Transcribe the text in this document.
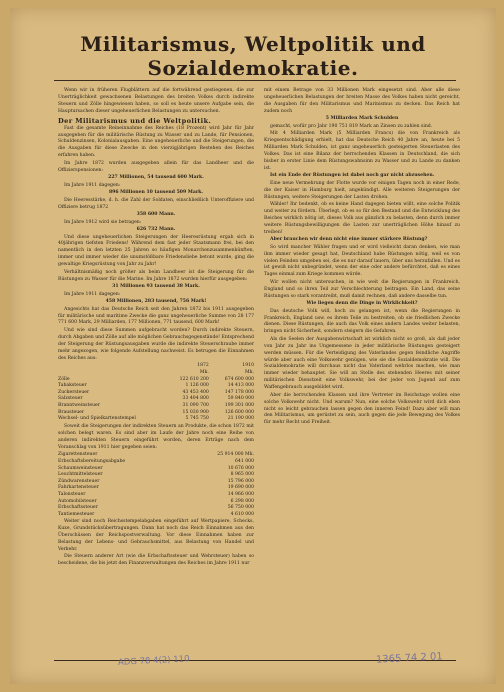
Militarismus, Weltpolitik und Sozialdemokratie.

Wenn wir in früheren Flugblättern auf die fortwährend gestiegenen, die zur Unerträglichkeit gewachsenen Belastungen des breiten Volkes durch indirekte Steuern und Zölle hingewiesen haben, so soll es heute unsere Aufgabe sein, die Hauptursachen dieser ungeheuerlichen Belastungen zu untersuchen.

Der Militarismus und die Weltpolitik.

Fast die gesamte Reineinnahme des Reiches (18 Prozent) wird Jahr für Jahr ausgegeben für die militärische Rüstung zu Wasser und zu Lande, für Pensionen, Schuldenzinsen, Kolonialausgaben. Eine ungeheuerliche und die Steigerungen, die die Ausgaben für diese Zwecke in den vierzigjährigen Bestehen des Reiches erfahren haben.

Im Jahre 1872 wurden ausgegeben allein für das Landheer und die Offizierspensionen:

227 Millionen, 54 tausend 600 Mark.

Im Jahre 1911 dagegen:

896 Millionen 10 tausend 509 Mark.

Die Heeresstärke, d. h. die Zahl der Soldaten, einschließlich Unteroffiziere und Offiziere betrug 1872

358 600 Mann.

Im Jahre 1912 wird sie betragen:

626 732 Mann.

Und diese ungeheuerlichen Steigerungen der Heeresrüstung ergab sich in 40jährigen tiefsten Friedens! Während dem fast jeder Staatsmann frei, bei den namentlich in den letzten 25 Jahren so häufigen Monarchenzusammenkünften, immer und immer wieder die unumstößbare Friedensliebe betont wurde, ging die gewaltige Kriegsrüstung von Jahr zu Jahr!

Verhältnismäßig noch größer als beim Landheer ist die Steigerung für die Rüstungen zu Wasser für die Marine. Im Jahre 1872 wurden hierfür ausgegeben:

31 Millionen 93 tausend 38 Mark.

Im Jahre 1911 dagegen:

458 Millionen, 283 tausend, 756 Mark!

Angesichts hat das Deutsche Reich seit den Jahren 1872 bis 1911 ausgegeben für militärische und maritime Zwecke die ganz ungeheuerliche Summe von 28 177 771 600 Mark, 29 Milliarden, 177 Millionen, 771 tausend, 600 Mark!

Und wie sind diese Summen aufgebracht worden? Durch indirekte Steuern, durch Abgaben und Zölle auf alle möglichen Gebrauchsgegenstände! Entsprechend der Steigerung der Rüstungsausgaben wurde die indirekte Steuerschraube immer mehr angezogen, wie folgende Aufstellung nachweist. Es betrugen die Einnahmen des Reiches aus:

	1872	1910
	Mk.	Mk.
Zölle	122 610 200	674 600 000
Tabaksteuer	1 126 000	14 413 000
Zuckersteuer	43 453 400	147 178 000
Salzsteuer	33 404 800	59 840 000
Branntweinsteuer	31 090 700	199 301 000
Brausteuer	15 030 900	126 600 000
Wechsel- und Spielkartenstempel	5 745 750	21 190 000

Soweit die Steigerungen der indirekten Steuern an Produkte, die schon 1872 mit solchen belegt waren. Es sind aber im Laufe der Jahre noch eine Reihe von anderen indirekten Steuern eingeführt worden, deren Erträge nach dem Voranschlag von 1911 hier gegeben seien:

Zigarettensteuer	25 914 000 Mk.
Erbschaftsbereitungsabgabe	641 000
Schaumweinsteuer	10 676 000
Leuchtmittelsteuer	8 965 000
Zündwarensteuer	15 796 000
Fahrkartensteuer	19 690 000
Talonsteuer	14 966 000
Automobilsteuer	6 298 000
Erbschaftssteuer	56 750 000
Tantiemesteuer	4 610 000

Weiter sind noch Reichsstempelabgaben eingeführt auf Wertpapiere, Schecks, Kuxe, Grundstücksübertragungen. Dann hat noch das Reich Einnahmen aus den Überschüssen der Reichspostverwaltung. Vor diese Einnahmen haben zur Belastung der Lebens- und Gebrauchsmittel, aus Belastung von Handel und Verkehr.

Die Steuern anderer Art (wie die Erbschaftssteuer und Wehrsteuer) haben so bescheidene, die bis jetzt den Finanzverwaltungen des Reiches im Jahre 1911 nur

mit einem Betrage von 33 Millionen Mark eingesetzt sind. Aber alle diese ungeheuerlichen Belastungen der breiten Masse des Volkes haben nicht gereicht, die Ausgaben für den Militarismus und Marinismus zu decken. Das Reich hat zudem noch

5 Milliarden Mark Schulden

gemacht, wofür pro Jahr 190 751 819 Mark an Zinsen zu zahlen sind.

Mit 4 Milliarden Mark (5 Milliarden Francs) die von Frankreich als Kriegsentschädigung erhielt, hat das Deutsche Reich 40 Jahre an, heute bei 5 Milliarden Mark Schulden, ist ganz ungeheuerlich gesteigerten Steuerlasten des Volkes. Das ist eine Bilanz der herrschenden Klassen in Deutschland, die sich bisher in erster Linie dem Rüstungswahnsinn zu Wasser und zu Lande zu danken ist.

Ist ein Ende der Rüstungen ist dabei noch gar nicht abzusehen.

Eine neue Vermehrung der Flotte wurde vor einigen Tagen noch in einer Rede, die der Kaiser in Hamburg hielt, angekündigt. Alle weiteren Steigerungen der Rüstungen, weitere Steigerungen der Lasten drohen.

Wähler! Ihr bedenkt, ob es keine Hand dagegen bieten willt, eine solche Politik und weiter zu fördern. Überlegt, ob es so für den Bestand und die Entwicklung des Reiches wirklich nötig ist, dieses Volk aus gänzlich zu belasten, denn durch immer weitere Rüstungsbewilligungen die Lasten zur unerträglichen Höhe hinauf zu treiben!

Aber brauchen wir denn nicht eine immer stärkere Rüstung?

So wird mancher Wähler fragen und er wird vielleicht daran denken, wie man ihm immer wieder gesagt hat, Deutschland habe Rüstungen nötig, weil es von vielen Feinden umgeben sei, die es nur darauf lauern, über uns herzufallen. Und es ist gewiß nicht unbegründet, wenn der eine oder andere befürchtet, daß es eines Tages einmal zum Kriege kommen würde.

Wir wollen nicht untersuchen, in wie weit die Regierungen in Frankreich, England und so ihren Teil zur Verschlechterung beitragen. Ein Land, das seine Rüstungen so stark vorantreibt, muß damit rechnen, daß andere dasselbe tun.

Wie liegen denn die Dinge in Wirklichkeit?

Das deutsche Volk will, hoch zu gelangen ist, wenn die Regierungen in Frankreich, England usw. es ihrem Teile zu bestreiten, ob sie friedlichen Zwecke dienen. Diese Rüstungen, die auch das Volk eines andern Landes weiter belasten, bringen nicht Sicherheit, sondern steigern die Gefahren.

Als die Seelen der Ausgabenwirtschaft ist wirklich nicht so groß, als daß jeder von Jahr zu Jahr ins Ungemessene in jeder militärische Rüstungen gesteigert werden müssen. Für die Verteidigung des Vaterlandes gegen feindliche Angriffe würde aber auch eine Volkswehr genügen, wie sie die Sozialdemokratie will. Die Sozialdemokratie will durchaus nicht das Vaterland wehrlos machen, wie man immer wieder behauptet. Sie will an Stelle des stehenden Heeres mit seiner militärischen Dienstzeit eine Volkswehr, bei der jeder von Jugend auf zum Waffengebrauch ausgebildet wird.

Aber die herrschenden Klassen und ihre Vertreter im Reichstage wollen eine solche Volkswehr nicht. Und warum? Nun, eine solche Volkswehr wird dich eben nicht so leicht gebrauchen lassen gegen den inneren Feind! Dazu aber will man den Militarismus, um gerüstet zu sein, auch gegen die jede Bewegung des Volkes für mehr Recht und Freiheit.

ADG 78 4(2) 110	1365 74 2 01
